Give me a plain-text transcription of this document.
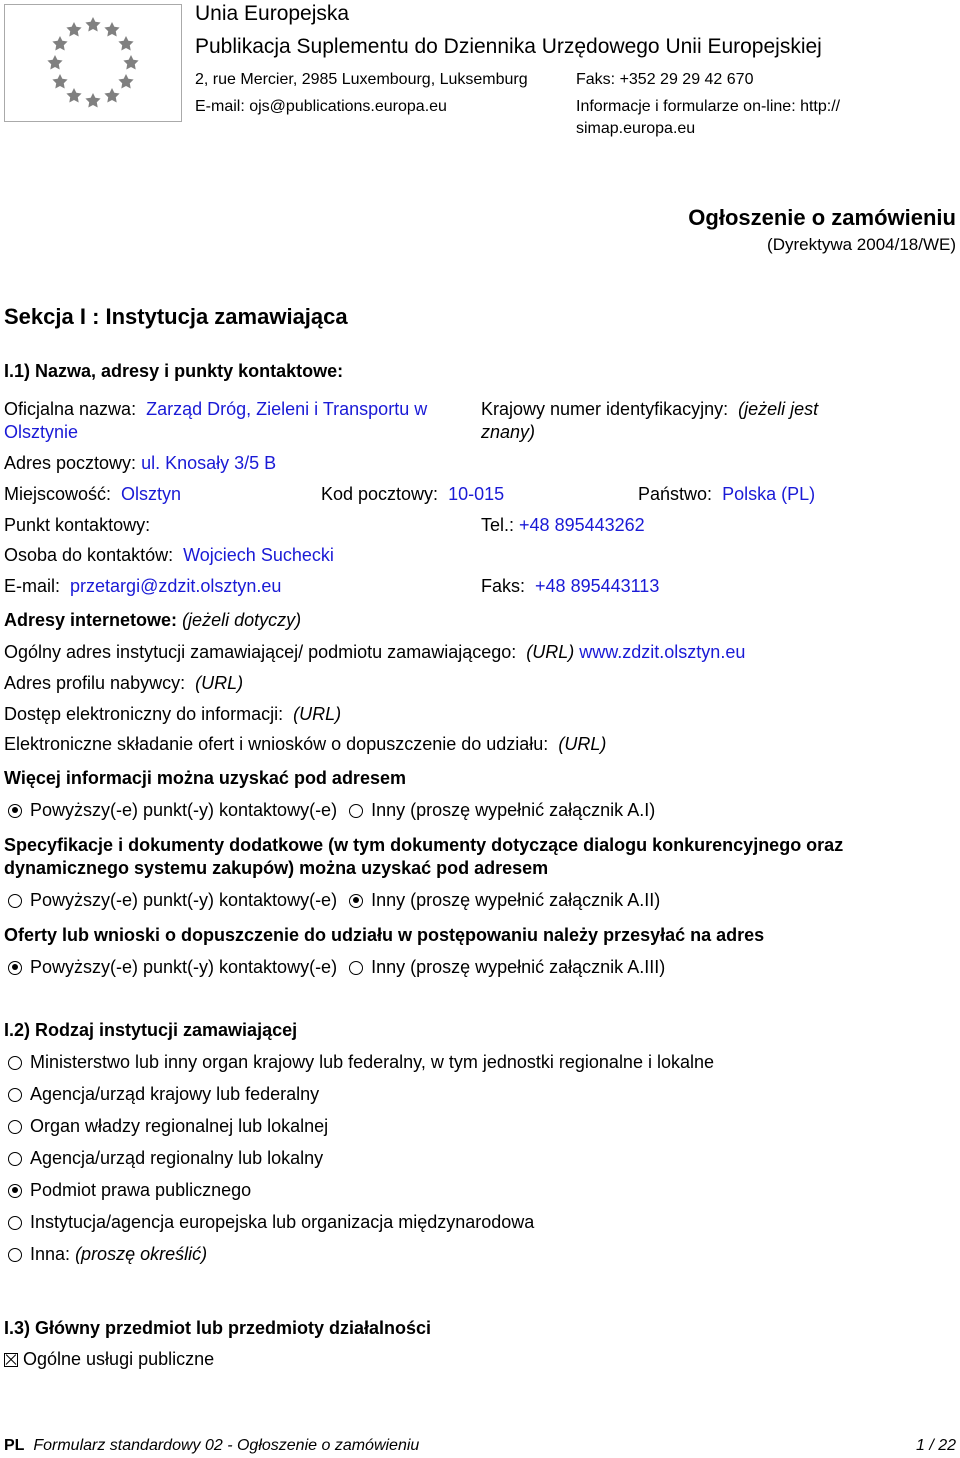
Unia Europejska
Publikacja Suplementu do Dziennika Urzędowego Unii Europejskiej
2, rue Mercier, 2985 Luxembourg, Luksemburg	Faks: +352 29 29 42 670
E-mail: ojs@publications.europa.eu	Informacje i formularze on-line: http://
simap.europa.eu
Ogłoszenie o zamówieniu
(Dyrektywa 2004/18/WE)
Sekcja I : Instytucja zamawiająca
I.1) Nazwa, adresy i punkty kontaktowe:
Oficjalna nazwa: Zarząd Dróg, Zieleni i Transportu w
Olsztynie
Krajowy numer identyfikacyjny: (jeżeli jest
znany)
Adres pocztowy: ul. Knosały 3/5 B
Miejscowość: Olsztyn	Kod pocztowy: 10-015	Państwo: Polska (PL)
Punkt kontaktowy:	Tel.: +48 895443262
Osoba do kontaktów: Wojciech Suchecki
E-mail: przetargi@zdzit.olsztyn.eu	Faks: +48 895443113
Adresy internetowe: (jeżeli dotyczy)
Ogólny adres instytucji zamawiającej/ podmiotu zamawiającego: (URL) www.zdzit.olsztyn.eu
Adres profilu nabywcy: (URL)
Dostęp elektroniczny do informacji: (URL)
Elektroniczne składanie ofert i wniosków o dopuszczenie do udziału: (URL)
Więcej informacji można uzyskać pod adresem
Powyższy(-e) punkt(-y) kontaktowy(-e) Inny (proszę wypełnić załącznik A.I)
Specyfikacje i dokumenty dodatkowe (w tym dokumenty dotyczące dialogu konkurencyjnego oraz
dynamicznego systemu zakupów) można uzyskać pod adresem
Powyższy(-e) punkt(-y) kontaktowy(-e) Inny (proszę wypełnić załącznik A.II)
Oferty lub wnioski o dopuszczenie do udziału w postępowaniu należy przesyłać na adres
Powyższy(-e) punkt(-y) kontaktowy(-e) Inny (proszę wypełnić załącznik A.III)
I.2) Rodzaj instytucji zamawiającej
Ministerstwo lub inny organ krajowy lub federalny, w tym jednostki regionalne i lokalne
Agencja/urząd krajowy lub federalny
Organ władzy regionalnej lub lokalnej
Agencja/urząd regionalny lub lokalny
Podmiot prawa publicznego
Instytucja/agencja europejska lub organizacja międzynarodowa
Inna:
(proszę określić)
I.3) Główny przedmiot lub przedmioty działalności
Ogólne usługi publiczne
PL Formularz standardowy 02 - Ogłoszenie o zamówieniu	1 / 22
